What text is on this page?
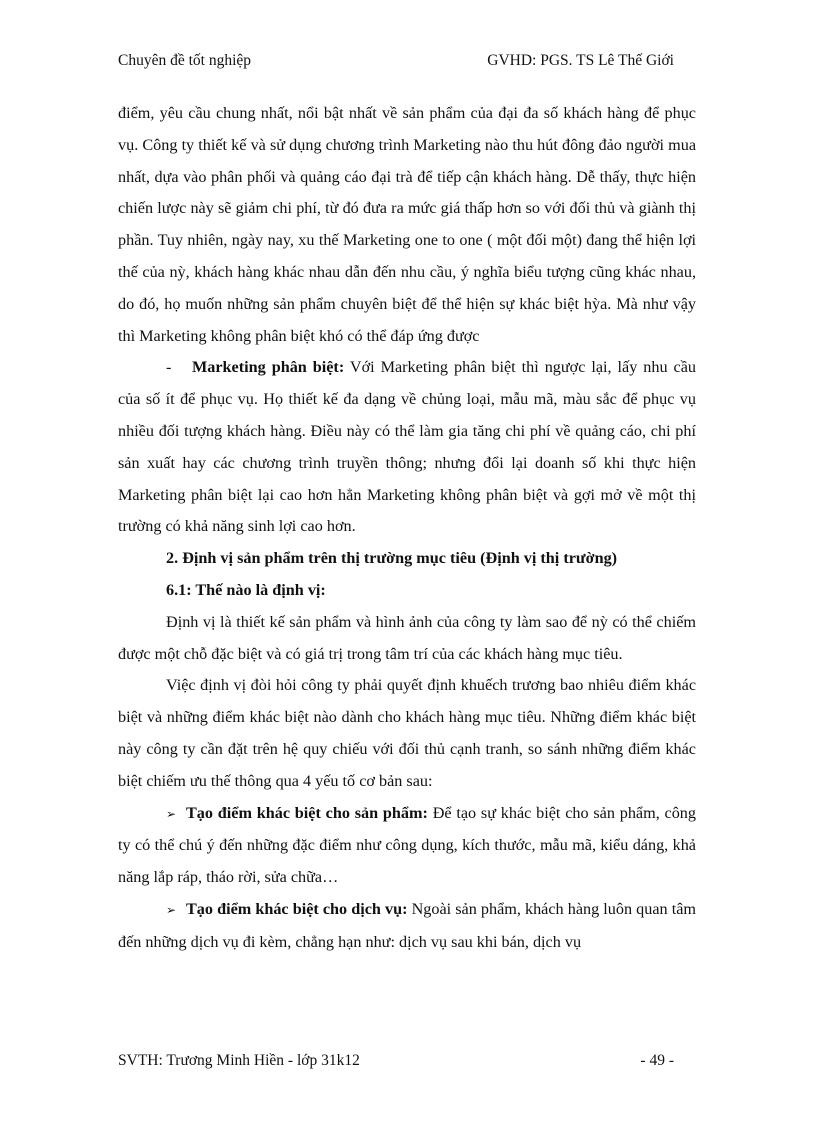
Chuyên đề tốt nghiệp	GVHD: PGS. TS Lê Thế Giới

điểm, yêu cầu chung nhất, nổi bật nhất về sản phẩm của đại đa số khách hàng để phục vụ. Công ty thiết kế và sử dụng chương trình Marketing nào thu hút đông đảo người mua nhất, dựa vào phân phối và quảng cáo đại trà để tiếp cận khách hàng. Dễ thấy, thực hiện chiến lược này sẽ giảm chi phí, từ đó đưa ra mức giá thấp hơn so với đối thủ và giành thị phần. Tuy nhiên, ngày nay, xu thế Marketing one to one ( một đối một) đang thể hiện lợi thế của nỳ, khách hàng khác nhau dẫn đến nhu cầu, ý nghĩa biểu tượng cũng khác nhau, do đó, họ muốn những sản phẩm chuyên biệt để thể hiện sự khác biệt hỳa. Mà như vậy thì Marketing không phân biệt khó có thể đáp ứng được

- Marketing phân biệt: Với Marketing phân biệt thì ngược lại, lấy nhu cầu của số ít để phục vụ. Họ thiết kế đa dạng về chủng loại, mẫu mã, màu sắc để phục vụ nhiều đối tượng khách hàng. Điều này có thể làm gia tăng chi phí về quảng cáo, chi phí sản xuất hay các chương trình truyền thông; nhưng đổi lại doanh số khi thực hiện Marketing phân biệt lại cao hơn hẳn Marketing không phân biệt và gợi mở về một thị trường có khả năng sinh lợi cao hơn.

2. Định vị sản phẩm trên thị trường mục tiêu (Định vị thị trường)

6.1: Thế nào là định vị:

Định vị là thiết kế sản phẩm và hình ảnh của công ty làm sao để nỳ có thể chiếm được một chỗ đặc biệt và có giá trị trong tâm trí của các khách hàng mục tiêu.

Việc định vị đòi hỏi công ty phải quyết định khuếch trương bao nhiêu điểm khác biệt và những điểm khác biệt nào dành cho khách hàng mục tiêu. Những điểm khác biệt này công ty cần đặt trên hệ quy chiếu với đối thủ cạnh tranh, so sánh những điểm khác biệt chiếm ưu thế thông qua 4 yếu tố cơ bản sau:

➢ Tạo điểm khác biệt cho sản phẩm: Để tạo sự khác biệt cho sản phẩm, công ty có thể chú ý đến những đặc điểm như công dụng, kích thước, mẫu mã, kiểu dáng, khả năng lắp ráp, tháo rời, sửa chữa…

➢ Tạo điểm khác biệt cho dịch vụ: Ngoài sản phẩm, khách hàng luôn quan tâm đến những dịch vụ đi kèm, chẳng hạn như: dịch vụ sau khi bán, dịch vụ

SVTH: Trương Minh Hiền - lớp 31k12	- 49 -
